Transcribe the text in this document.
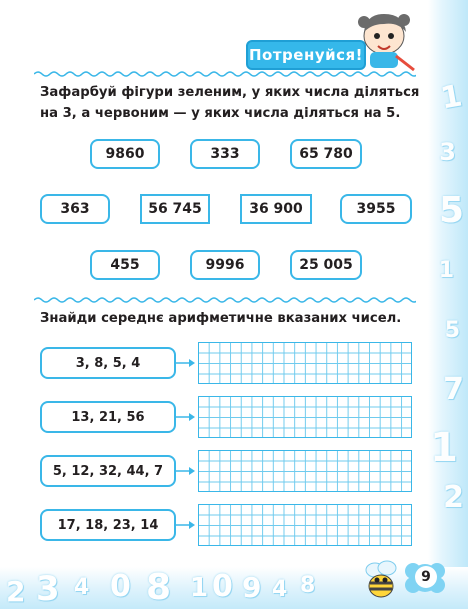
1
3
5
1
5
7
1
2
2 3 4 0 8 1 0 9 4 8
Потренуйся!
Зафарбуй фігури зеленим, у яких числа діляться
на 3, а червоним — у яких числа діляться на 5.
9860	333	65 780
363	56 745	36 900	3955
455	9996	25 005
Знайди середнє арифметичне вказаних чисел.
3, 8, 5, 4
13, 21, 56
5, 12, 32, 44, 7
17, 18, 23, 14
9
